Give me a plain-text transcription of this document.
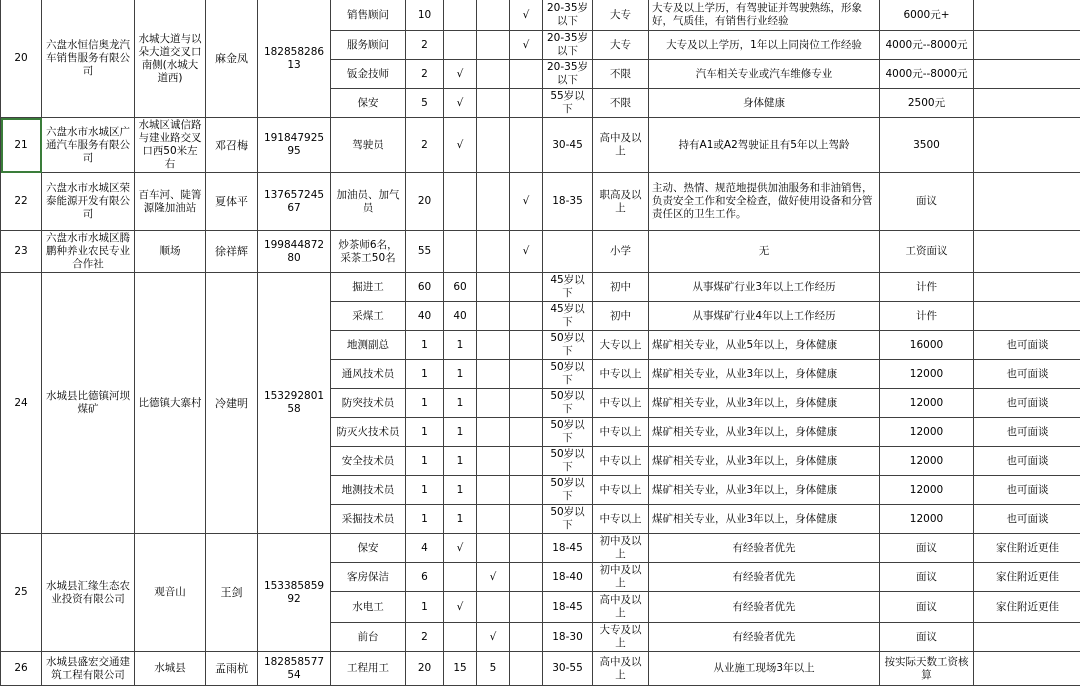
20	六盘水恒信奥龙汽车销售服务有限公司	水城大道与以朵大道交叉口南侧(水城大道西)	麻金凤	18285828613	销售顾问	10			√	20-35岁以下	大专	大专及以上学历，有驾驶证并驾驶熟练，形象好，气质佳，有销售行业经验	6000元+	
					服务顾问	2			√	20-35岁以下	大专	大专及以上学历，1年以上同岗位工作经验	4000元--8000元	
					钣金技师	2	√			20-35岁以下	不限	汽车相关专业或汽车维修专业	4000元--8000元	
					保安	5	√			55岁以下	不限	身体健康	2500元	
21	六盘水市水城区广通汽车服务有限公司	水城区诚信路与建业路交叉口西50米左右	邓召梅	19184792595	驾驶员	2	√			30-45	高中及以上	持有A1或A2驾驶证且有5年以上驾龄	3500	
22	六盘水市水城区荣泰能源开发有限公司	百车河、陡箐源隆加油站	夏体平	13765724567	加油员、加气员	20			√	18-35	职高及以上	主动、热情、规范地提供加油服务和非油销售，负责安全工作和安全检查，做好使用设备和分管责任区的卫生工作。	面议	
23	六盘水市水城区腾鹏种养业农民专业合作社	顺场	徐祥辉	19984487280	炒茶师6名，采茶工50名	55			√		小学	无	工资面议	
24	水城县比德镇河坝煤矿	比德镇大寨村	冷建明	15329280158	掘进工	60	60			45岁以下	初中	从事煤矿行业3年以上工作经历	计件	
					采煤工	40	40			45岁以下	初中	从事煤矿行业4年以上工作经历	计件	
					地测副总	1	1			50岁以下	大专以上	煤矿相关专业，从业5年以上，身体健康	16000	也可面谈
					通风技术员	1	1			50岁以下	中专以上	煤矿相关专业，从业3年以上，身体健康	12000	也可面谈
					防突技术员	1	1			50岁以下	中专以上	煤矿相关专业，从业3年以上，身体健康	12000	也可面谈
					防灭火技术员	1	1			50岁以下	中专以上	煤矿相关专业，从业3年以上，身体健康	12000	也可面谈
					安全技术员	1	1			50岁以下	中专以上	煤矿相关专业，从业3年以上，身体健康	12000	也可面谈
					地测技术员	1	1			50岁以下	中专以上	煤矿相关专业，从业3年以上，身体健康	12000	也可面谈
					采掘技术员	1	1			50岁以下	中专以上	煤矿相关专业，从业3年以上，身体健康	12000	也可面谈
25	水城县汇缘生态农业投资有限公司	观音山	王剑	15338585992	保安	4	√			18-45	初中及以上	有经验者优先	面议	家住附近更佳
					客房保洁	6		√		18-40	初中及以上	有经验者优先	面议	家住附近更佳
					水电工	1	√			18-45	高中及以上	有经验者优先	面议	家住附近更佳
					前台	2		√		18-30	大专及以上	有经验者优先	面议	
26	水城县盛宏交通建筑工程有限公司	水城县	孟雨杭	18285857754	工程用工	20	15	5		30-55	高中及以上	从业施工现场3年以上	按实际天数工资核算	
